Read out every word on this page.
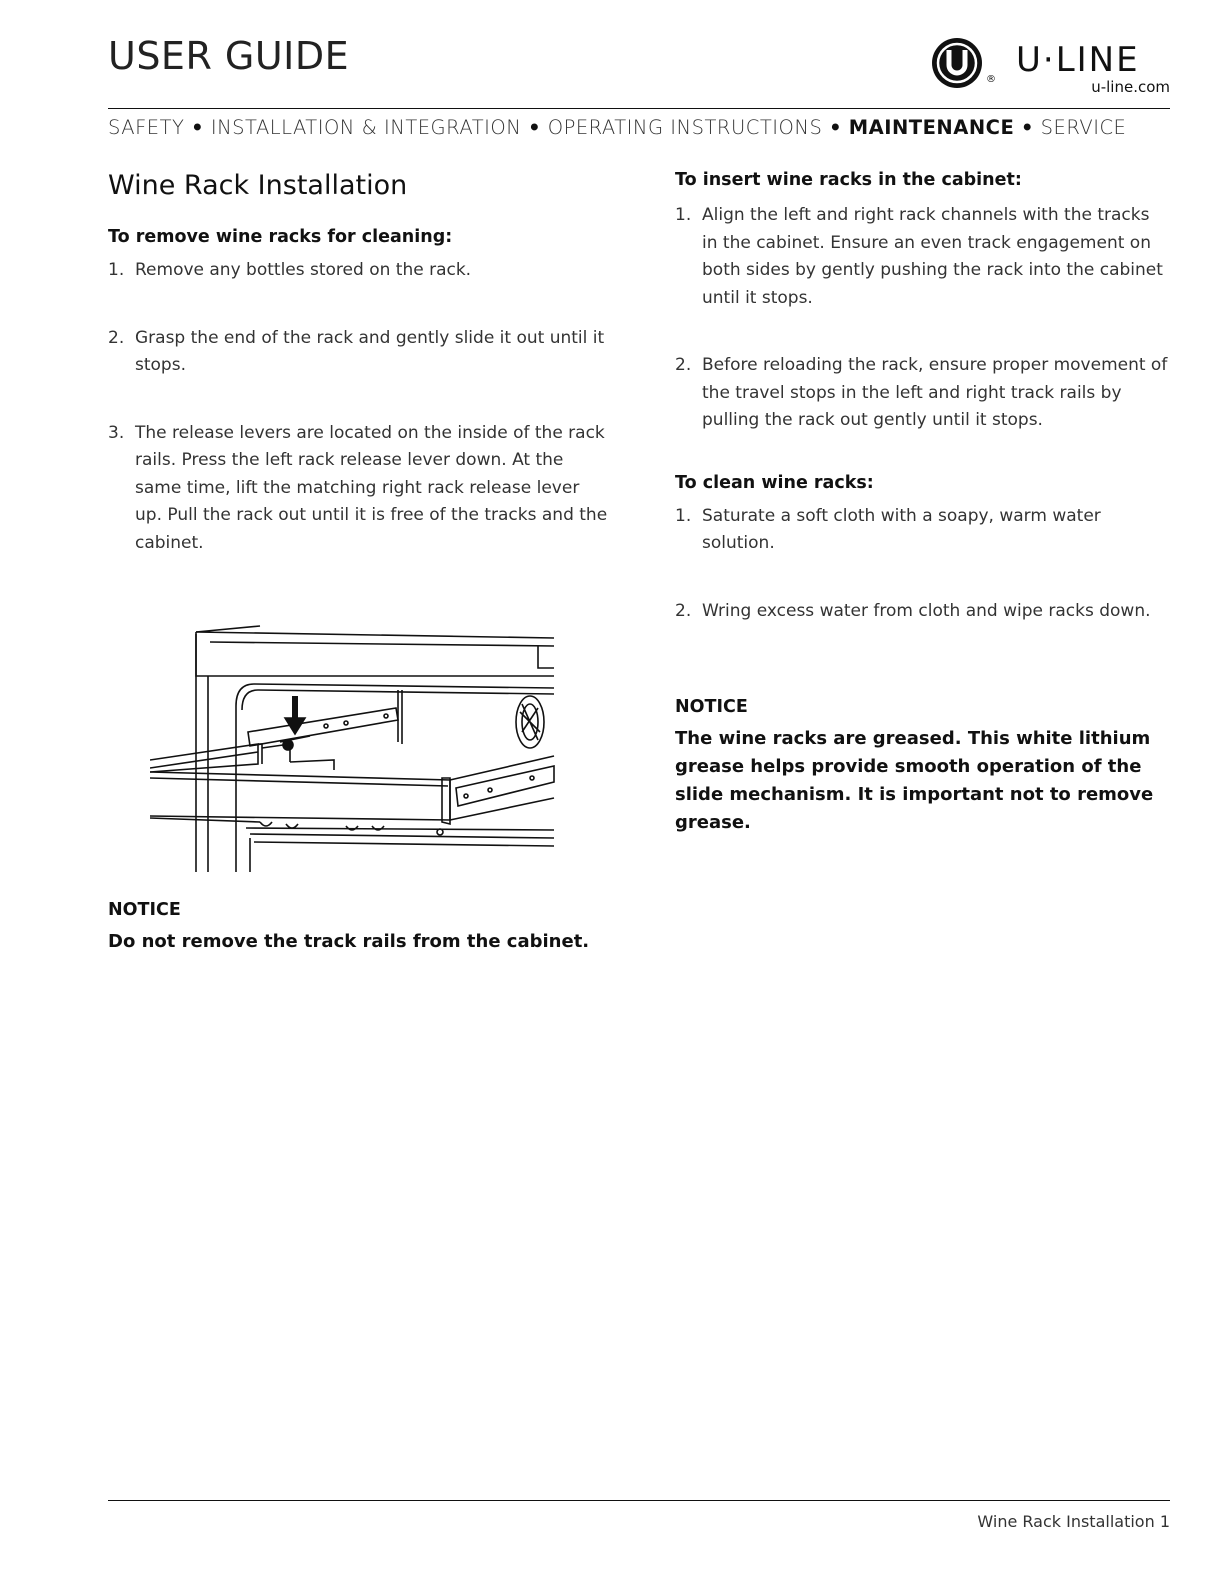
USER GUIDE
® U·LINE
u-line.com
SAFETY • INSTALLATION & INTEGRATION • OPERATING INSTRUCTIONS • MAINTENANCE • SERVICE
Wine Rack Installation
To remove wine racks for cleaning:
1. Remove any bottles stored on the rack.
2. Grasp the end of the rack and gently slide it out until it stops.
3. The release levers are located on the inside of the rack rails. Press the left rack release lever down. At the same time, lift the matching right rack release lever up. Pull the rack out until it is free of the tracks and the cabinet.
NOTICE

Do not remove the track rails from the cabinet.

To insert wine racks in the cabinet:
1. Align the left and right rack channels with the tracks in the cabinet. Ensure an even track engagement on both sides by gently pushing the rack into the cabinet until it stops.
2. Before reloading the rack, ensure proper movement of the travel stops in the left and right track rails by pulling the rack out gently until it stops.
To clean wine racks:
1. Saturate a soft cloth with a soapy, warm water solution.
2. Wring excess water from cloth and wipe racks down.
NOTICE

The wine racks are greased. This white lithium grease helps provide smooth operation of the slide mechanism. It is important not to remove grease.

Wine Rack Installation 1
